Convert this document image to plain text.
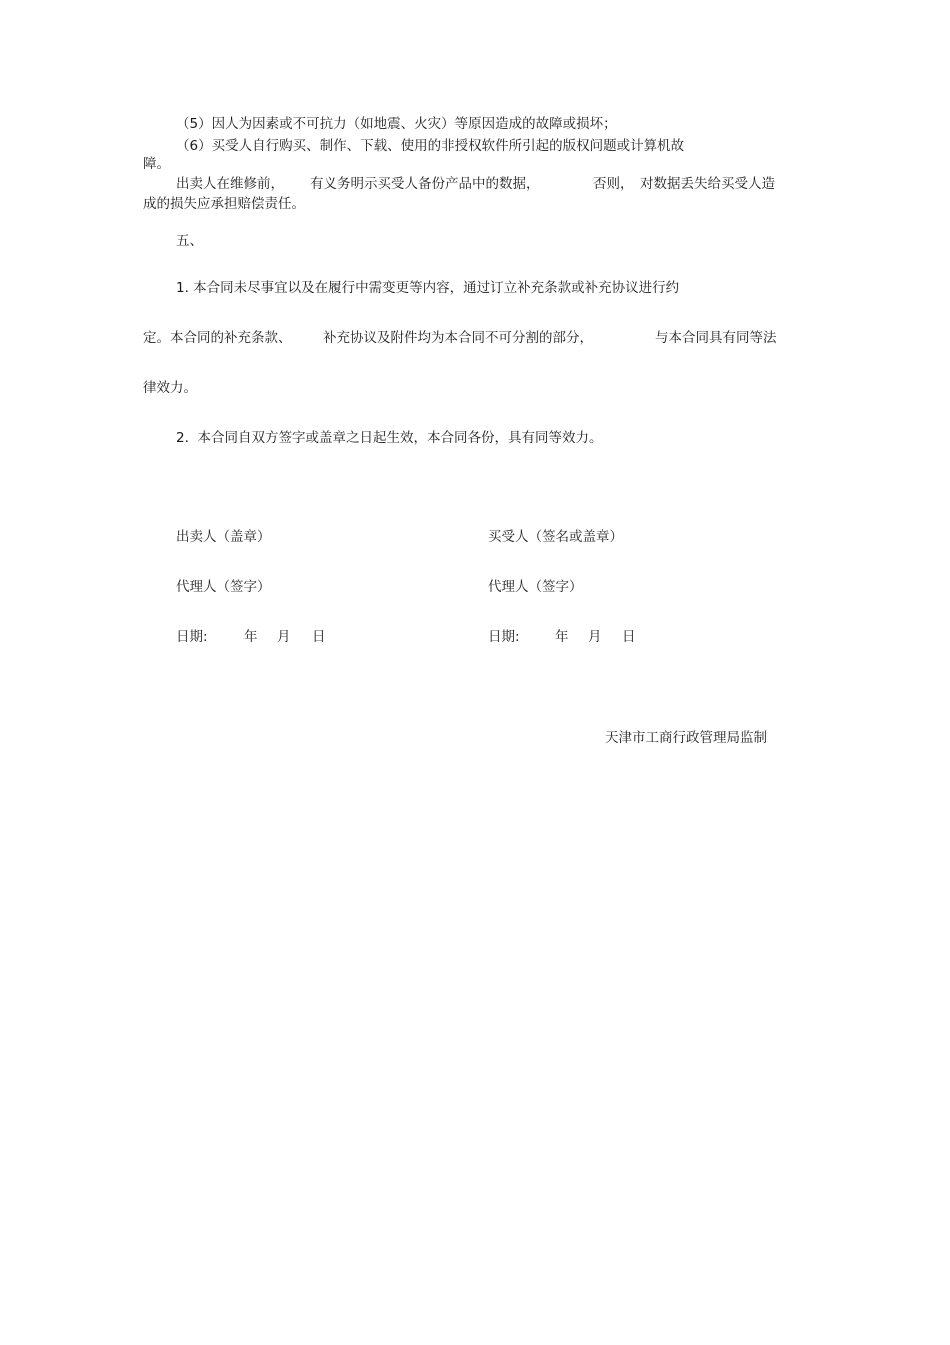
（5）因人为因素或不可抗力（如地震、火灾）等原因造成的故障或损坏；
（6）买受人自行购买、制作、下载、使用的非授权软件所引起的版权问题或计算机故
障。
出卖人在维修前， 有义务明示买受人备份产品中的数据，	否则， 对数据丢失给买受人造
成的损失应承担赔偿责任。
五、
1. 本合同未尽事宜以及在履行中需变更等内容，通过订立补充条款或补充协议进行约
定。本合同的补充条款、 补充协议及附件均为本合同不可分割的部分，	与本合同具有同等法
律效力。
2.  本合同自双方签字或盖章之日起生效，本合同各份，具有同等效力。
出卖人（盖章）	买受人（签名或盖章）
代理人（签字）	代理人（签字）
日期:	年 月 日	日期:	年 月 日
天津市工商行政管理局监制
